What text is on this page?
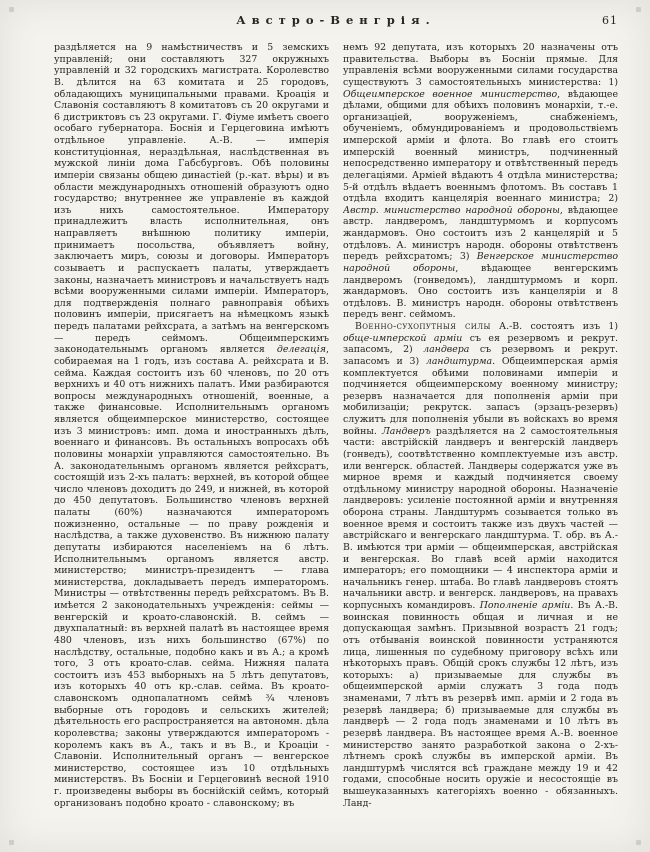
Австро-Венгрія.	61

раздѣляется на 9 намѣстничествъ и 5 земскихъ управленій; они составляютъ 327 окружныхъ управленій и 32 городскихъ магистрата. Королевство В. дѣлится на 63 комитата и 25 городовъ, обладающихъ муниципальными правами. Кроація и Славонія составляютъ 8 комитатовъ съ 20 округами и 6 дистриктовъ съ 23 округами. Г. Фіуме имѣетъ своего особаго губернатора. Боснія и Герцеговина имѣютъ отдѣльное управленіе. А.-В. — имперія конституціонная, нераздѣльная, наслѣдственная въ мужской линіи дома Габсбурговъ. Обѣ половины имперіи связаны общею династіей (р.-кат. вѣры) и въ области международныхъ отношеній образуютъ одно государство; внутреннее же управленіе въ каждой изъ нихъ самостоятельное. Императору принадлежитъ власть исполнительная, онъ направляетъ внѣшнюю политику имперіи, принимаетъ посольства, объявляетъ войну, заключаетъ миръ, союзы и договоры. Императоръ созываетъ и распускаетъ палаты, утверждаетъ законы, назначаетъ министровъ и начальствуетъ надъ всѣми вооруженными силами имперіи. Императоръ, для подтвержденія полнаго равноправія обѣихъ половинъ имперіи, присягаетъ на нѣмецкомъ языкѣ передъ палатами рейхсрата, а затѣмъ на венгерскомъ — передъ сеймомъ. Общеимперскимъ законодательнымъ органомъ является делегація, собираемая на 1 годъ, изъ состава А. рейхсрата и В. сейма. Каждая состоитъ изъ 60 членовъ, по 20 отъ верхнихъ и 40 отъ нижнихъ палатъ. Ими разбираются вопросы международныхъ отношеній, военные, а также финансовые. Исполнительнымъ органомъ является общеимперское министерство, состоящее изъ 3 министровъ: имп. дома и иностранныхъ дѣлъ, военнаго и финансовъ. Въ остальныхъ вопросахъ обѣ половины монархіи управляются самостоятельно. Въ А. законодательнымъ органомъ является рейхсратъ, состоящій изъ 2-хъ палатъ: верхней, въ которой общее число членовъ доходитъ до 249, и нижней, въ которой до 450 депутатовъ. Большинство членовъ верхней палаты (60%) назначаются императоромъ пожизненно, остальные — по праву рожденія и наслѣдства, а также духовенство. Въ нижнюю палату депутаты избираются населеніемъ на 6 лѣтъ. Исполнительнымъ органомъ является австр. министерство; министръ-президентъ — глава министерства, докладываетъ передъ императоромъ. Министры — отвѣтственны передъ рейхсратомъ. Въ В. имѣется 2 законодательныхъ учрежденія: сеймы — венгерскій и кроато-славонскій. В. сеймъ — двухпалатный: въ верхней палатѣ въ настоящее время 480 членовъ, изъ нихъ большинство (67%) по наслѣдству, остальные, подобно какъ и въ А.; а кромѣ того, 3 отъ кроато-слав. сейма. Нижняя палата состоитъ изъ 453 выборныхъ на 5 лѣтъ депутатовъ, изъ которыхъ 40 отъ кр.-слав. сейма. Въ кроато-славонскомъ однопалатномъ сеймѣ ¾ членовъ выборные отъ городовъ и сельскихъ жителей; дѣятельность его распространяется на автономн. дѣла королевства; законы утверждаются императоромъ - королемъ какъ въ А., такъ и въ В., и Кроаціи - Славоніи. Исполнительный органъ — венгерское министерство, состоящее изъ 10 отдѣльныхъ министерствъ. Въ Босніи и Герцеговинѣ весной 1910 г. произведены выборы въ боснійскій сеймъ, который организованъ подобно кроато - славонскому; въ

немъ 92 депутата, изъ которыхъ 20 назначены отъ правительства. Выборы въ Босніи прямые. Для управленія всѣми вооруженными силами государства существуютъ 3 самостоятельныхъ министерства: 1) Общеимперское военное министерство, вѣдающее дѣлами, общими для обѣихъ половинъ монархіи, т.-е. организаціей, вооруженіемъ, снабженіемъ, обученіемъ, обмундированіемъ и продовольствіемъ имперской арміи и флота. Во главѣ его стоитъ имперскій военный министръ, подчиненный непосредственно императору и отвѣтственный передъ делегаціями. Арміей вѣдаютъ 4 отдѣла министерства; 5-й отдѣлъ вѣдаетъ военнымъ флотомъ. Въ составъ 1 отдѣла входитъ канцелярія военнаго министра; 2) Австр. министерство народной обороны, вѣдающее австр. ландверомъ, ландштурмомъ и корпусомъ жандармовъ. Оно состоитъ изъ 2 канцелярій и 5 отдѣловъ. А. министръ народн. обороны отвѣтственъ передъ рейхсратомъ; 3) Венгерское министерство народной обороны, вѣдающее венгерскимъ ландверомъ (гонведомъ), ландштурмомъ и корп. жандармовъ. Оно состоитъ изъ канцеляріи и 8 отдѣловъ. В. министръ народн. обороны отвѣтственъ передъ венг. сеймомъ.

Военно-сухопутныя силы А.-В. состоятъ изъ 1) обще-имперской арміи съ ея резервомъ и рекрут. запасомъ, 2) ландвера съ резервомъ и рекрут. запасомъ и 3) ландштурма. Общеимперская армія комплектуется обѣими половинами имперіи и подчиняется общеимперскому военному министру; резервъ назначается для пополненія арміи при мобилизаціи; рекрутск. запасъ (эрзацъ-резервъ) служитъ для пополненія убыли въ войскахъ во время войны. Ландверъ раздѣляется на 2 самостоятельныя части: австрійскій ландверъ и венгерскій ландверъ (гонведъ), соотвѣтственно комплектуемые изъ австр. или венгерск. областей. Ландверы содержатся уже въ мирное время и каждый подчиняется своему отдѣльному министру народной обороны. Назначеніе ландверовъ: усиленіе постоянной арміи и внутренняя оборона страны. Ландштурмъ созывается только въ военное время и состоитъ также изъ двухъ частей — австрійскаго и венгерскаго ландштурма. Т. обр. въ А.-В. имѣются три арміи — общеимперская, австрійская и венгерская. Во главѣ всей арміи находится императоръ; его помощники — 4 инспектора арміи и начальникъ генер. штаба. Во главѣ ландверовъ стоятъ начальники австр. и венгерск. ландверовъ, на правахъ корпусныхъ командировъ. Пополненіе арміи. Въ А.-В. воинская повинность общая и личная и не допускающая замѣнъ. Призывной возрастъ 21 годъ; отъ отбыванія воинской повинности устраняются лица, лишенныя по судебному приговору всѣхъ или нѣкоторыхъ правъ. Общій срокъ службы 12 лѣтъ, изъ которыхъ: а) призываемые для службы въ общеимперской арміи служатъ 3 года подъ знаменами, 7 лѣтъ въ резервѣ имп. арміи и 2 года въ резервѣ ландвера; б) призываемые для службы въ ландверѣ — 2 года подъ знаменами и 10 лѣтъ въ резервѣ ландвера. Въ настоящее время А.-В. военное министерство занято разработкой закона о 2-хъ-лѣтнемъ срокѣ службы въ имперской арміи. Въ ландштурмѣ числятся всѣ граждане между 19 и 42 годами, способные носить оружіе и несостоящіе въ вышеуказанныхъ категоріяхъ военно - обязанныхъ. Ланд-
